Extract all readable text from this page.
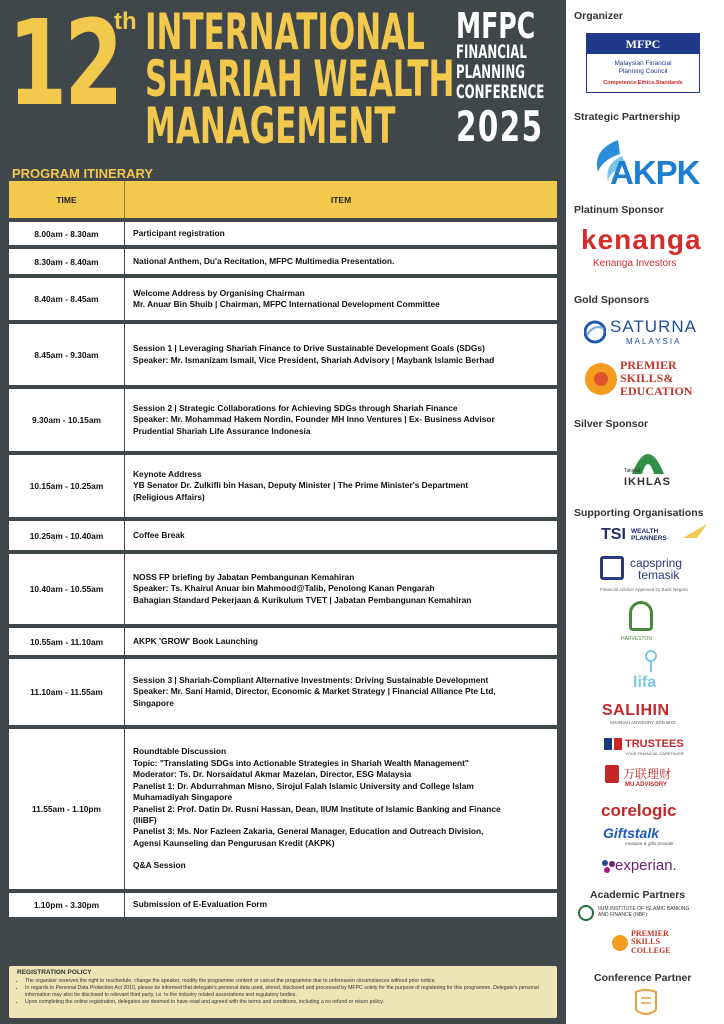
12
th INTERNATIONAL
SHARIAH WEALTH
MANAGEMENT
MFPC
FINANCIAL
PLANNING
CONFERENCE
2025
PROGRAM ITINERARY
TIME	ITEM
8.00am - 8.30am	Participant registration
8.30am - 8.40am	National Anthem, Du'a Recitation, MFPC Multimedia Presentation.
8.40am - 8.45am
Welcome Address by Organising Chairman
Mr. Anuar Bin Shuib | Chairman, MFPC International Development Committee
8.45am - 9.30am
Session 1 | Leveraging Shariah Finance to Drive Sustainable Development Goals (SDGs)
Speaker: Mr. Ismanizam Ismail, Vice President, Shariah Advisory | Maybank Islamic Berhad
9.30am - 10.15am
Session 2 | Strategic Collaborations for Achieving SDGs through Shariah Finance
Speaker: Mr. Mohammad Hakem Nordin, Founder MH Inno Ventures | Ex- Business Advisor
Prudential Shariah Life Assurance Indonesia
10.15am - 10.25am
Keynote Address
YB Senator Dr. Zulkifli bin Hasan, Deputy Minister | The Prime Minister's Department
(Religious Affairs)
10.25am - 10.40am	Coffee Break
10.40am - 10.55am
NOSS FP briefing by Jabatan Pembangunan Kemahiran
Speaker: Ts. Khairul Anuar bin Mahmood@Talib, Penolong Kanan Pengarah
Bahagian Standard Pekerjaan & Kurikulum TVET | Jabatan Pembangunan Kemahiran
10.55am - 11.10am	AKPK 'GROW' Book Launching
11.10am - 11.55am
Session 3 | Shariah-Compliant Alternative Investments: Driving Sustainable Development
Speaker: Mr. Sani Hamid, Director, Economic & Market Strategy | Financial Alliance Pte Ltd,
Singapore
11.55am - 1.10pm
Roundtable Discussion
Topic: "Translating SDGs into Actionable Strategies in Shariah Wealth Management"
Moderator: Ts. Dr. Norsaidatul Akmar Mazelan, Director, ESG Malaysia
Panelist 1: Dr. Abdurrahman Misno, Sirojul Falah Islamic University and College Islam
Muhamadiyah Singapore
Panelist 2: Prof. Datin Dr. Rusni Hassan, Dean, IIUM Institute of Islamic Banking and Finance
(IIiBF)
Panelist 3: Ms. Nor Fazleen Zakaria, General Manager, Education and Outreach Division,
Agensi Kaunseling dan Pengurusan Kredit (AKPK)
Q&A Session
1.10pm - 3.30pm	Submission of E-Evaluation Form
REGISTRATION POLICY
• The organizer reserves the right to reschedule, change the speaker, modify the programme content or cancel the programme due to unforeseen circumstances without prior notice.
• In regards to Personal Data Protection Act 2010, please be informed that delegate's personal data used, stored, disclosed and processed by MFPC solely for the purpose of registering for this programme. Delegate's personal information may also be disclosed to relevant third party, i.e. to the industry related associations and regulatory bodies.
• Upon completing the online registration, delegates are deemed to have read and agreed with the terms and conditions, including a no refund or return policy.
Organizer
MFPC
Malaysian Financial
Planning Council
Competence.Ethics.Standards
Strategic Partnership
AKPK
Platinum Sponsor
kenanga
Kenanga Investors
Gold Sponsors
SATURNA
MALAYSIA
PREMIER
SKILLS&
EDUCATION
Silver Sponsor
Takaful
IKHLAS
Supporting Organisations
TSI WEALTH PLANNERS
capspring
temasik
Financial Advisor Approved by Bank Negara
HARVESTON
lifa
SALIHIN
SHARIAH ADVISORY SDN BHD
TRUSTEES
YOUR FINANCIAL CARETAKER
万联理财
MU ADVISORY
corelogic
Giftstalk
measure & gifts provider
experian.
Academic Partners
IIUM INSTITUTE OF ISLAMIC BANKING AND FINANCE (IIiBF)
PREMIER
SKILLS
COLLEGE
Conference Partner
